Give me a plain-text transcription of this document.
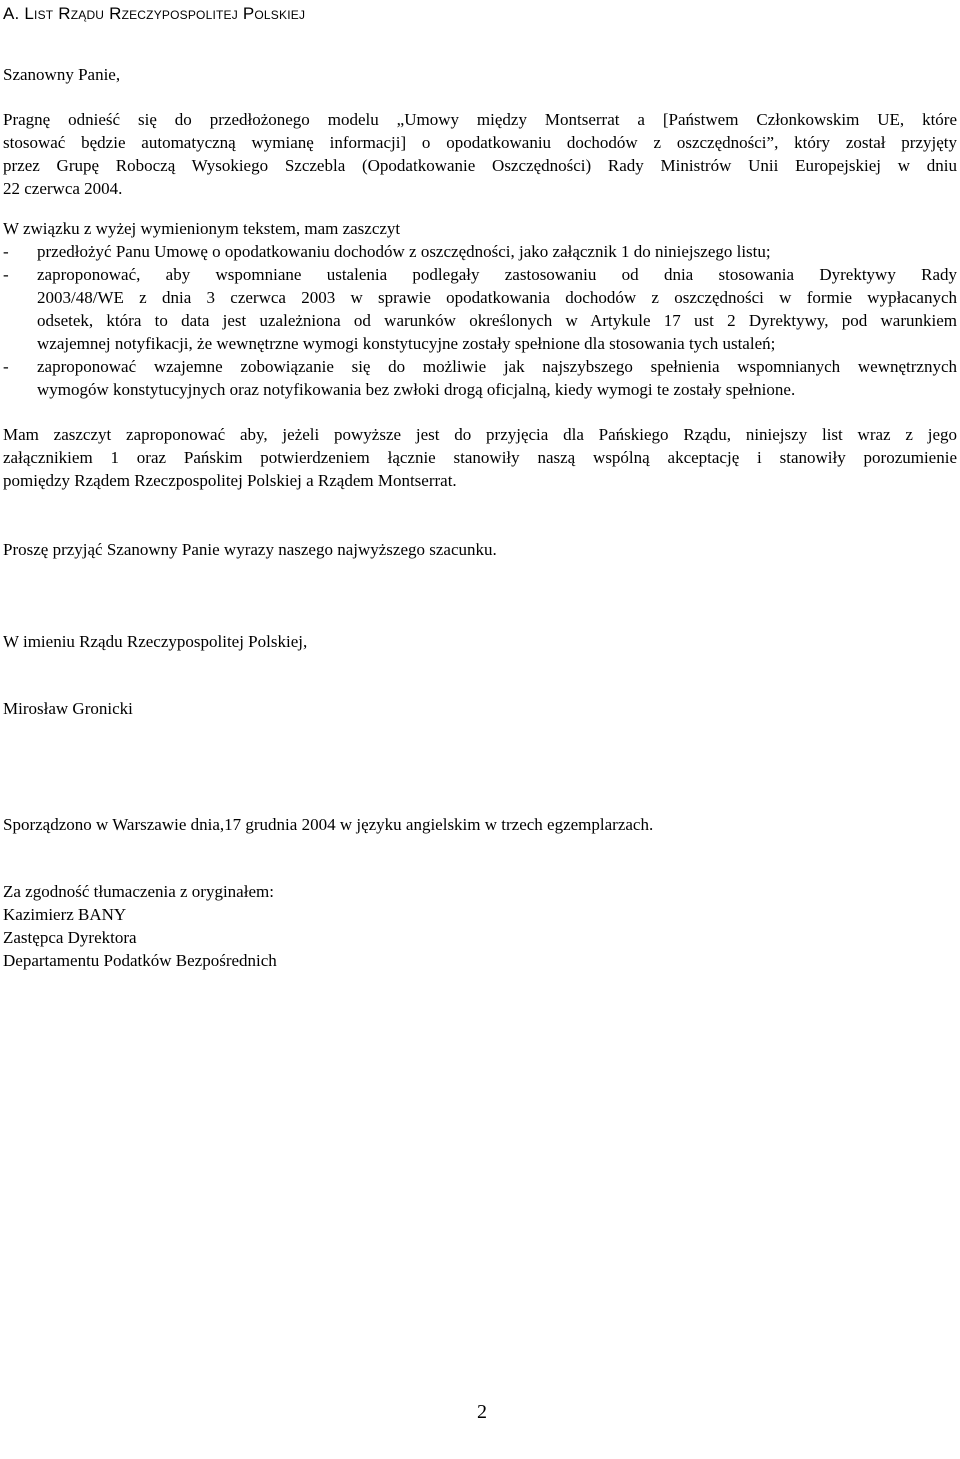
A. List Rządu Rzeczypospolitej Polskiej
Szanowny Panie,
Pragnę odnieść się do przedłożonego modelu „Umowy między Montserrat a [Państwem Członkowskim UE, które
stosować będzie automatyczną wymianę informacji] o opodatkowaniu dochodów z oszczędności”, który został przyjęty
przez Grupę Roboczą Wysokiego Szczebla (Opodatkowanie Oszczędności) Rady Ministrów Unii Europejskiej w dniu
22 czerwca 2004.
W związku z wyżej wymienionym tekstem, mam zaszczyt
- przedłożyć Panu Umowę o opodatkowaniu dochodów z oszczędności, jako załącznik 1 do niniejszego listu;
- zaproponować, aby wspomniane ustalenia podlegały zastosowaniu od dnia stosowania Dyrektywy Rady
2003/48/WE z dnia 3 czerwca 2003 w sprawie opodatkowania dochodów z oszczędności w formie wypłacanych
odsetek, która to data jest uzależniona od warunków określonych w Artykule 17 ust 2 Dyrektywy, pod warunkiem
wzajemnej notyfikacji, że wewnętrzne wymogi konstytucyjne zostały spełnione dla stosowania tych ustaleń;
- zaproponować wzajemne zobowiązanie się do możliwie jak najszybszego spełnienia wspomnianych wewnętrznych
wymogów konstytucyjnych oraz notyfikowania bez zwłoki drogą oficjalną, kiedy wymogi te zostały spełnione.
Mam zaszczyt zaproponować aby, jeżeli powyższe jest do przyjęcia dla Pańskiego Rządu, niniejszy list wraz z jego
załącznikiem 1 oraz Pańskim potwierdzeniem łącznie stanowiły naszą wspólną akceptację i stanowiły porozumienie
pomiędzy Rządem Rzeczpospolitej Polskiej a Rządem Montserrat.
Proszę przyjąć Szanowny Panie wyrazy naszego najwyższego szacunku.
W imieniu Rządu Rzeczypospolitej Polskiej,
Mirosław Gronicki
Sporządzono w Warszawie dnia,17 grudnia 2004 w języku angielskim w trzech egzemplarzach.

Za zgodność tłumaczenia z oryginałem:

Kazimierz BANY

Zastępca Dyrektora

Departamentu Podatków Bezpośrednich

2
